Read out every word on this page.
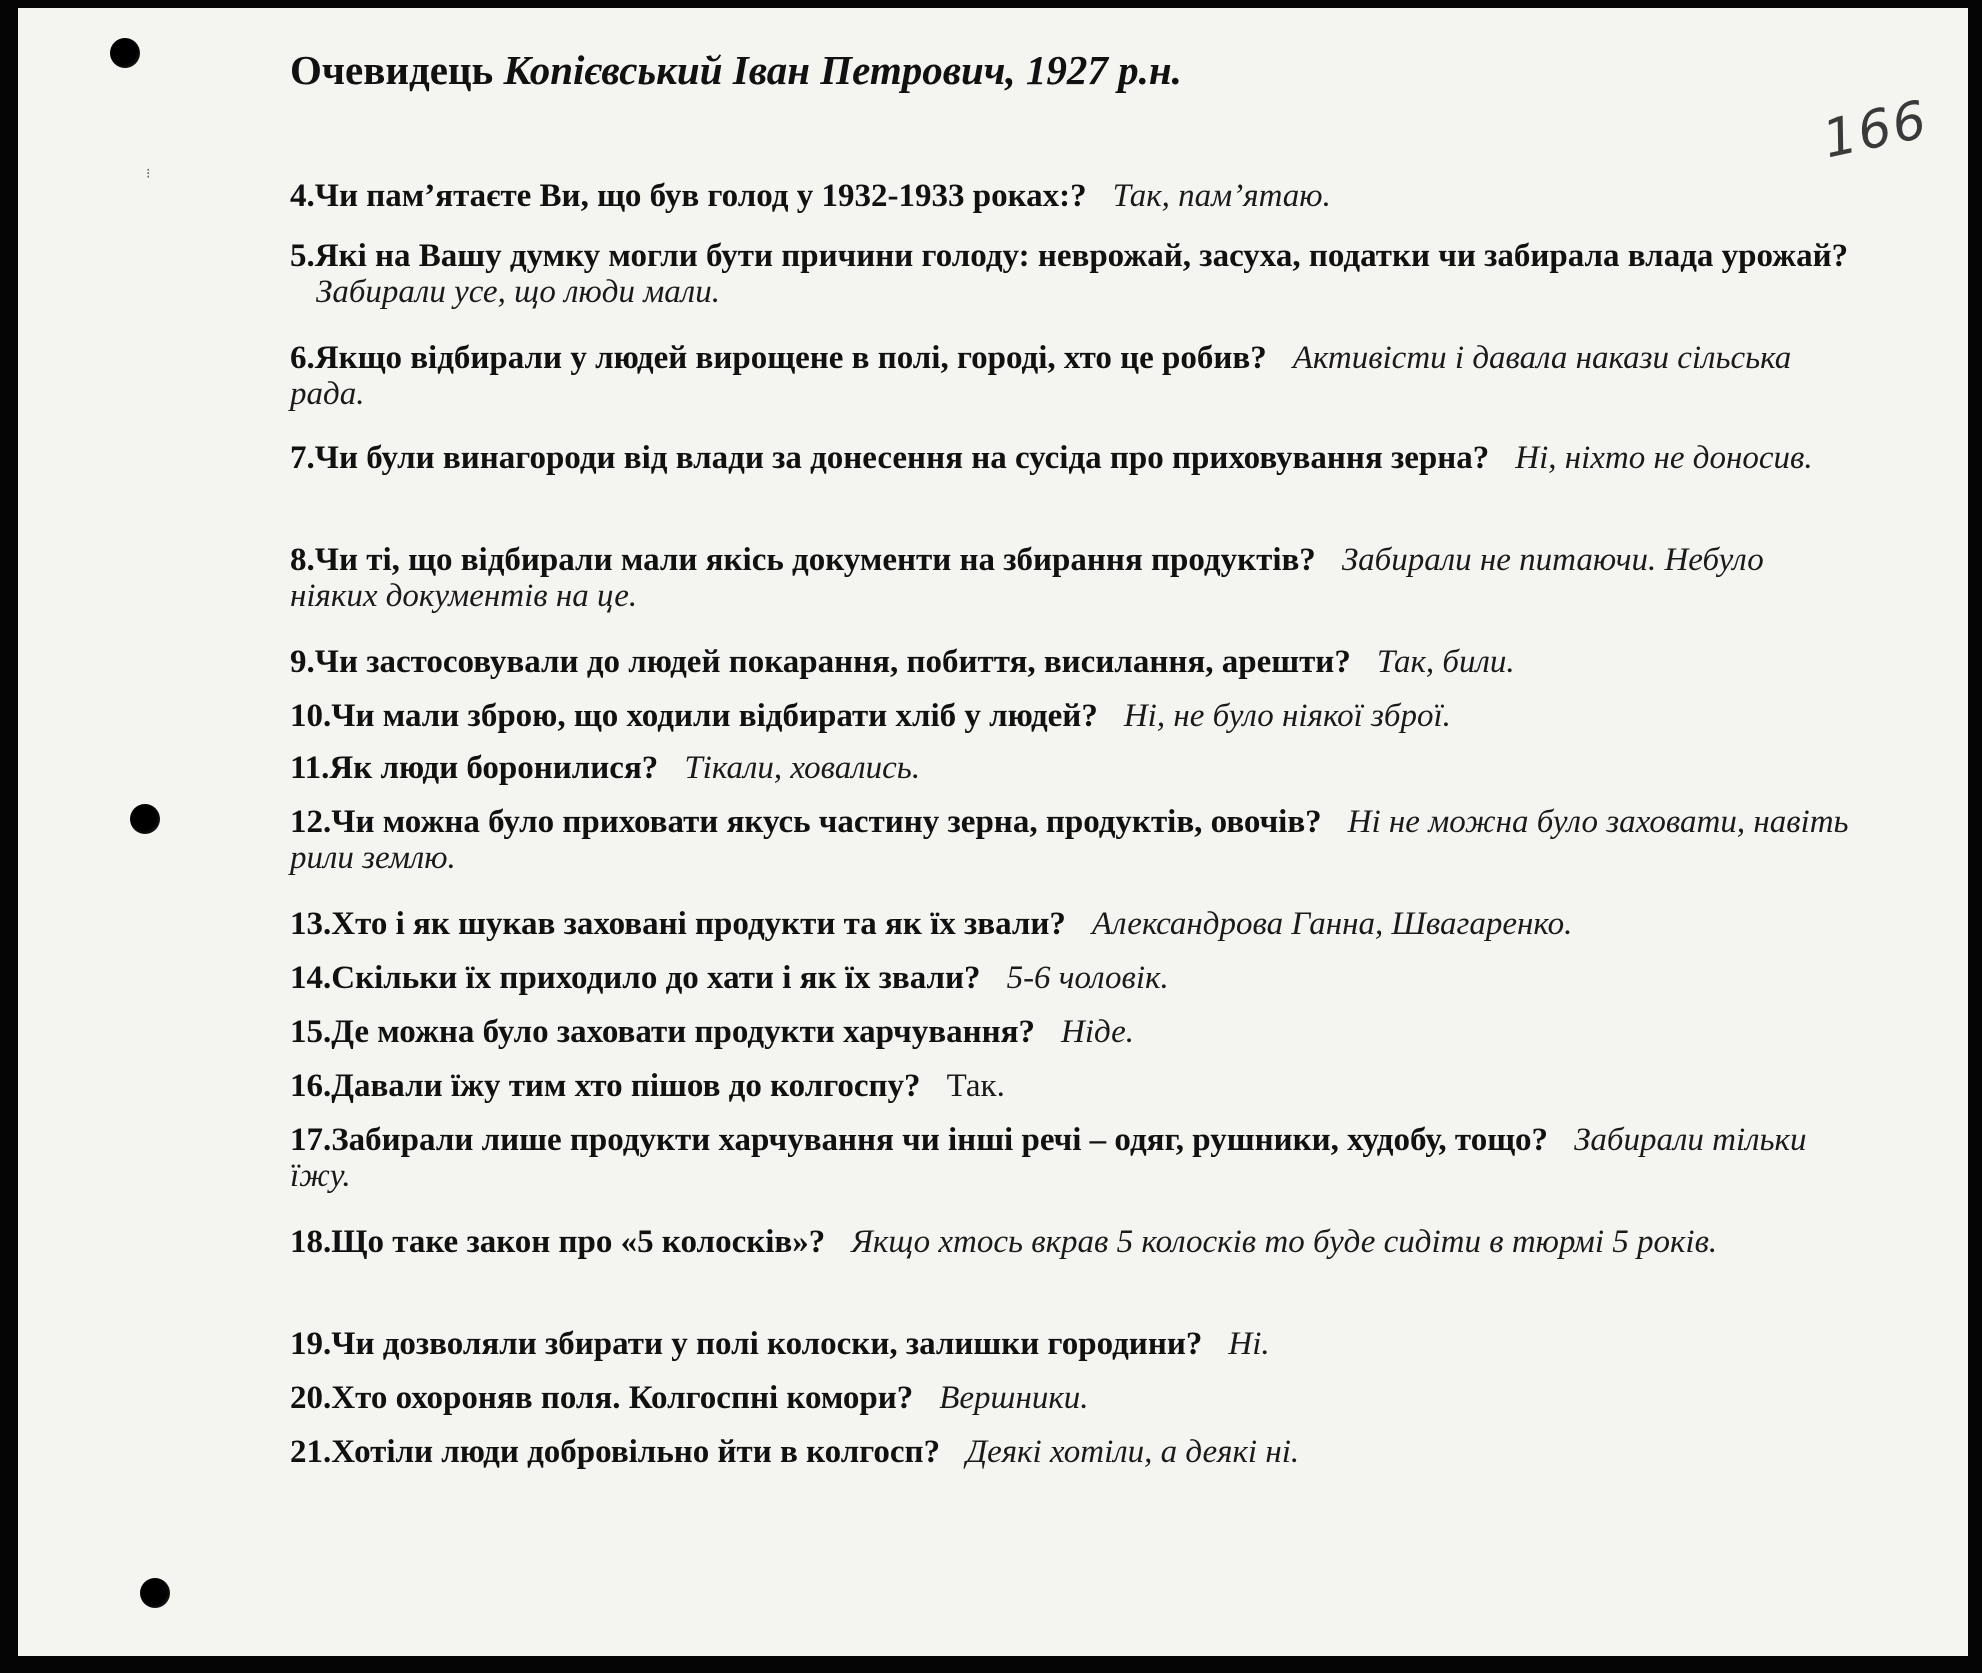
⁝
166
Очевидець Копієвський Іван Петрович, 1927 р.н.
4.Чи пам’ятаєте Ви, що був голод у 1932-1933 роках:? Так, пам’ятаю.
5.Які на Вашу думку могли бути причини голоду: неврожай, засуха, податки чи забирала влада урожай?Забирали усе, що люди мали.
6.Якщо відбирали у людей вирощене в полі, городі, хто це робив? Активісти і давала накази сільська рада.
7.Чи були винагороди від влади за донесення на сусіда про приховування зерна? Ні, ніхто не доносив.
8.Чи ті, що відбирали мали якісь документи на збирання продуктів? Забирали не питаючи. Небуло ніяких документів на це.
9.Чи застосовували до людей покарання, побиття, висилання, арешти? Так, били.
10.Чи мали зброю, що ходили відбирати хліб у людей? Ні, не було ніякої зброї.
11.Як люди боронилися? Тікали, ховались.
12.Чи можна було приховати якусь частину зерна, продуктів, овочів? Ні не можна було заховати, навіть рили землю.
13.Хто і як шукав заховані продукти та як їх звали? Александрова Ганна, Швагаренко.
14.Скільки їх приходило до хати і як їх звали? 5-6 чоловік.
15.Де можна було заховати продукти харчування? Ніде.
16.Давали їжу тим хто пішов до колгоспу? Так.
17.Забирали лише продукти харчування чи інші речі – одяг, рушники, худобу, тощо? Забирали тільки їжу.
18.Що таке закон про «5 колосків»? Якщо хтось вкрав 5 колосків то буде сидіти в тюрмі 5 років.
19.Чи дозволяли збирати у полі колоски, залишки городини? Ні.
20.Хто охороняв поля. Колгоспні комори? Вершники.
21.Хотіли люди добровільно йти в колгосп? Деякі хотіли, а деякі ні.
